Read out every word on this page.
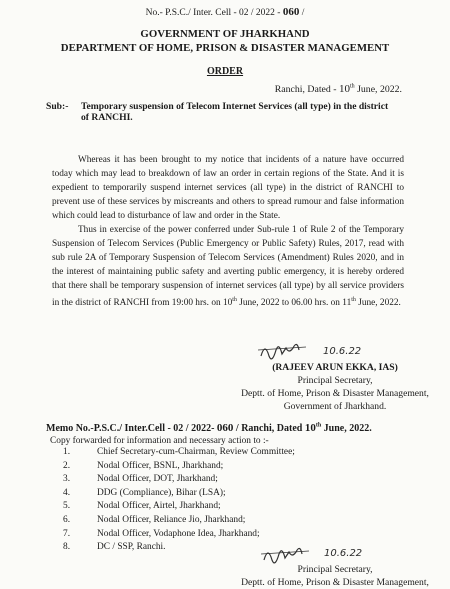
No.- P.S.C./ Inter. Cell - 02 / 2022 - 060 /
GOVERNMENT OF JHARKHAND
DEPARTMENT OF HOME, PRISON & DISASTER MANAGEMENT
ORDER
Ranchi, Dated - 10th June, 2022.
Sub:- Temporary suspension of Telecom Internet Services (all type) in the district of RANCHI.
Whereas it has been brought to my notice that incidents of a nature have occurred today which may lead to breakdown of law an order in certain regions of the State. And it is expedient to temporarily suspend internet services (all type) in the district of RANCHI to prevent use of these services by miscreants and others to spread rumour and false information which could lead to disturbance of law and order in the State.
Thus in exercise of the power conferred under Sub-rule 1 of Rule 2 of the Temporary Suspension of Telecom Services (Public Emergency or Public Safety) Rules, 2017, read with sub rule 2A of Temporary Suspension of Telecom Services (Amendment) Rules 2020, and in the interest of maintaining public safety and averting public emergency, it is hereby ordered that there shall be temporary suspension of internet services (all type) by all service providers in the district of RANCHI from 19:00 hrs. on 10th June, 2022 to 06.00 hrs. on 11th June, 2022.
10.6.22
(RAJEEV ARUN EKKA, IAS)
Principal Secretary,
Deptt. of Home, Prison & Disaster Management,
Government of Jharkhand.
Memo No.-P.S.C./ Inter.Cell - 02 / 2022- 060 / Ranchi, Dated 10th June, 2022.
Copy forwarded for information and necessary action to :-
1.	Chief Secretary-cum-Chairman, Review Committee;
2.	Nodal Officer, BSNL, Jharkhand;
3.	Nodal Officer, DOT, Jharkhand;
4.	DDG (Compliance), Bihar (LSA);
5.	Nodal Officer, Airtel, Jharkhand;
6.	Nodal Officer, Reliance Jio, Jharkhand;
7.	Nodal Officer, Vodaphone Idea, Jharkhand;
8.	DC / SSP, Ranchi.
10.6.22
Principal Secretary,
Deptt. of Home, Prison & Disaster Management,
